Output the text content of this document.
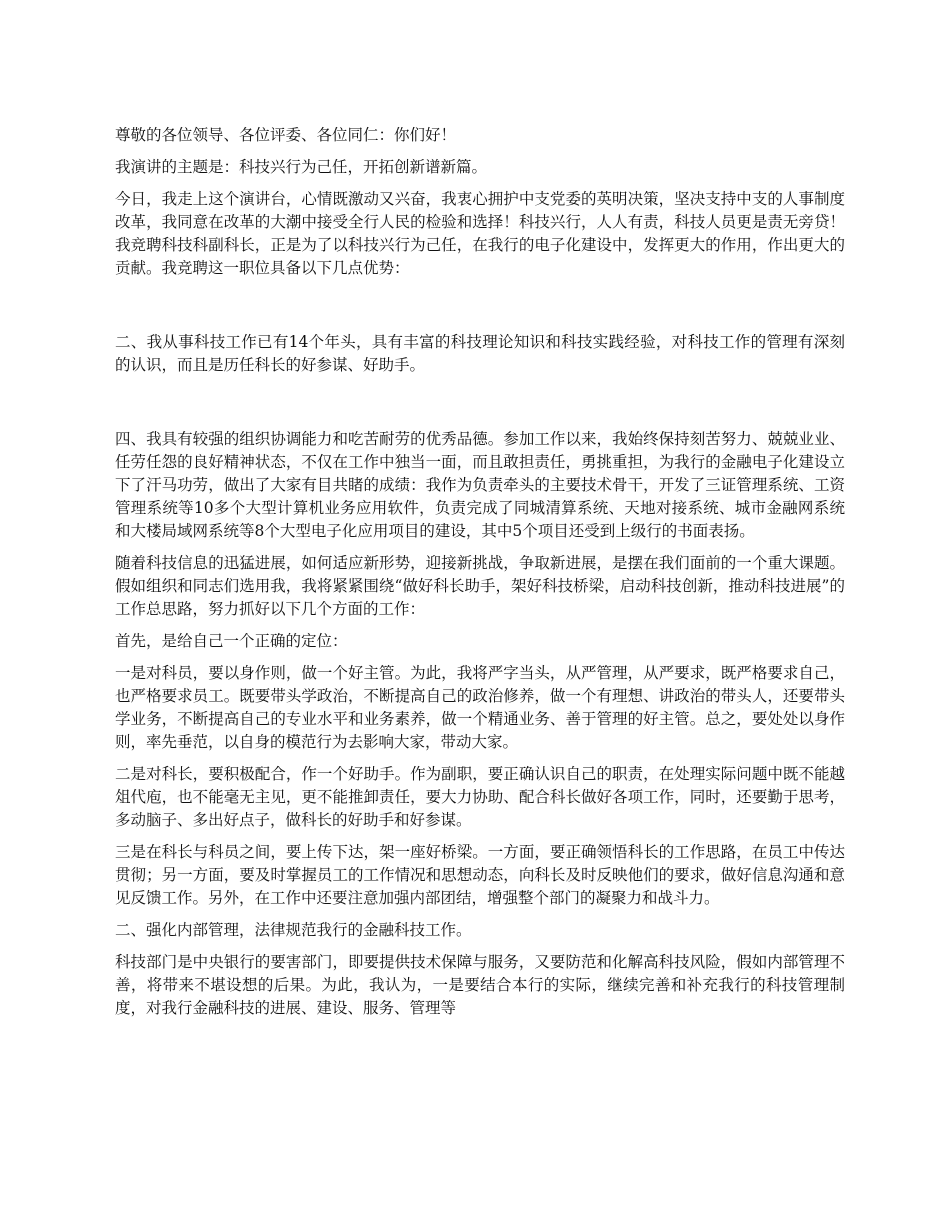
尊敬的各位领导、各位评委、各位同仁：你们好！

我演讲的主题是：科技兴行为己任，开拓创新谱新篇。

今日，我走上这个演讲台，心情既激动又兴奋，我衷心拥护中支党委的英明决策，坚决支持中支的人事制度改革，我同意在改革的大潮中接受全行人民的检验和选择！科技兴行，人人有责，科技人员更是责无旁贷！我竞聘科技科副科长，正是为了以科技兴行为己任，在我行的电子化建设中，发挥更大的作用，作出更大的贡献。我竞聘这一职位具备以下几点优势：

二、我从事科技工作已有14个年头，具有丰富的科技理论知识和科技实践经验，对科技工作的管理有深刻的认识，而且是历任科长的好参谋、好助手。

四、我具有较强的组织协调能力和吃苦耐劳的优秀品德。参加工作以来，我始终保持刻苦努力、兢兢业业、任劳任怨的良好精神状态，不仅在工作中独当一面，而且敢担责任，勇挑重担，为我行的金融电子化建设立下了汗马功劳，做出了大家有目共睹的成绩：我作为负责牵头的主要技术骨干，开发了三证管理系统、工资管理系统等10多个大型计算机业务应用软件，负责完成了同城清算系统、天地对接系统、城市金融网系统和大楼局域网系统等8个大型电子化应用项目的建设，其中5个项目还受到上级行的书面表扬。

随着科技信息的迅猛进展，如何适应新形势，迎接新挑战，争取新进展，是摆在我们面前的一个重大课题。假如组织和同志们选用我，我将紧紧围绕“做好科长助手，架好科技桥梁，启动科技创新，推动科技进展”的工作总思路，努力抓好以下几个方面的工作：

首先，是给自己一个正确的定位：

一是对科员，要以身作则，做一个好主管。为此，我将严字当头，从严管理，从严要求，既严格要求自己，也严格要求员工。既要带头学政治，不断提高自己的政治修养，做一个有理想、讲政治的带头人，还要带头学业务，不断提高自己的专业水平和业务素养，做一个精通业务、善于管理的好主管。总之，要处处以身作则，率先垂范，以自身的模范行为去影响大家，带动大家。

二是对科长，要积极配合，作一个好助手。作为副职，要正确认识自己的职责，在处理实际问题中既不能越俎代庖，也不能毫无主见，更不能推卸责任，要大力协助、配合科长做好各项工作，同时，还要勤于思考，多动脑子、多出好点子，做科长的好助手和好参谋。

三是在科长与科员之间，要上传下达，架一座好桥梁。一方面，要正确领悟科长的工作思路，在员工中传达贯彻；另一方面，要及时掌握员工的工作情况和思想动态，向科长及时反映他们的要求，做好信息沟通和意见反馈工作。另外，在工作中还要注意加强内部团结，增强整个部门的凝聚力和战斗力。

二、强化内部管理，法律规范我行的金融科技工作。

科技部门是中央银行的要害部门，即要提供技术保障与服务，又要防范和化解高科技风险，假如内部管理不善，将带来不堪设想的后果。为此，我认为，一是要结合本行的实际，继续完善和补充我行的科技管理制度，对我行金融科技的进展、建设、服务、管理等
